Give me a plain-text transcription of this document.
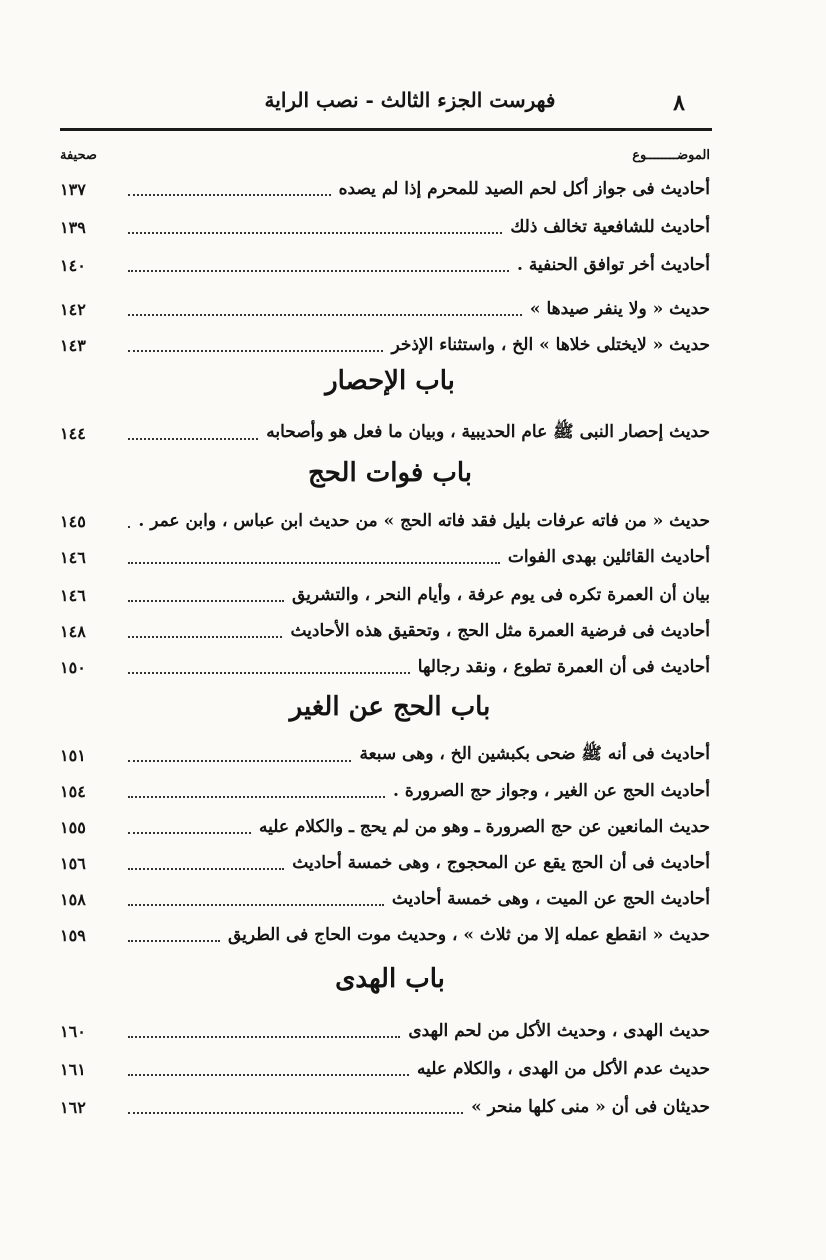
فهرست الجزء الثالث - نصب الراية	٨
الموضــــــــوع
صحيفة
أحاديث فى جواز أكل لحم الصيد للمحرم إذا لم يصده
١٣٧
أحاديث للشافعية تخالف ذلك
١٣٩
أحاديث أخر توافق الحنفية .
١٤٠
حديث « ولا ينفر صيدها »
١٤٢
حديث « لايختلى خلاها » الخ ، واستثناء الإذخر
١٤٣
باب الإحصار
حديث إحصار النبى ﷺ عام الحديبية ، وبيان ما فعل هو وأصحابه
١٤٤
باب فوات الحج
حديث « من فاته عرفات بليل فقد فاته الحج » من حديث ابن عباس ، وابن عمر .
١٤٥
أحاديث القائلين بهدى الفوات
١٤٦
بيان أن العمرة تكره فى يوم عرفة ، وأيام النحر ، والتشريق
١٤٦
أحاديث فى فرضية العمرة مثل الحج ، وتحقيق هذه الأحاديث
١٤٨
أحاديث فى أن العمرة تطوع ، ونقد رجالها
١٥٠
باب الحج عن الغير
أحاديث فى أنه ﷺ ضحى بكبشين الخ ، وهى سبعة
١٥١
أحاديث الحج عن الغير ، وجواز حج الصرورة .
١٥٤
حديث المانعين عن حج الصرورة ـ وهو من لم يحج ـ والكلام عليه
١٥٥
أحاديث فى أن الحج يقع عن المحجوج ، وهى خمسة أحاديث
١٥٦
أحاديث الحج عن الميت ، وهى خمسة أحاديث
١٥٨
حديث « انقطع عمله إلا من ثلاث » ، وحديث موت الحاج فى الطريق
١٥٩
باب الهدى
حديث الهدى ، وحديث الأكل من لحم الهدى
١٦٠
حديث عدم الأكل من الهدى ، والكلام عليه
١٦١
حديثان فى أن « منى كلها منحر »
١٦٢
